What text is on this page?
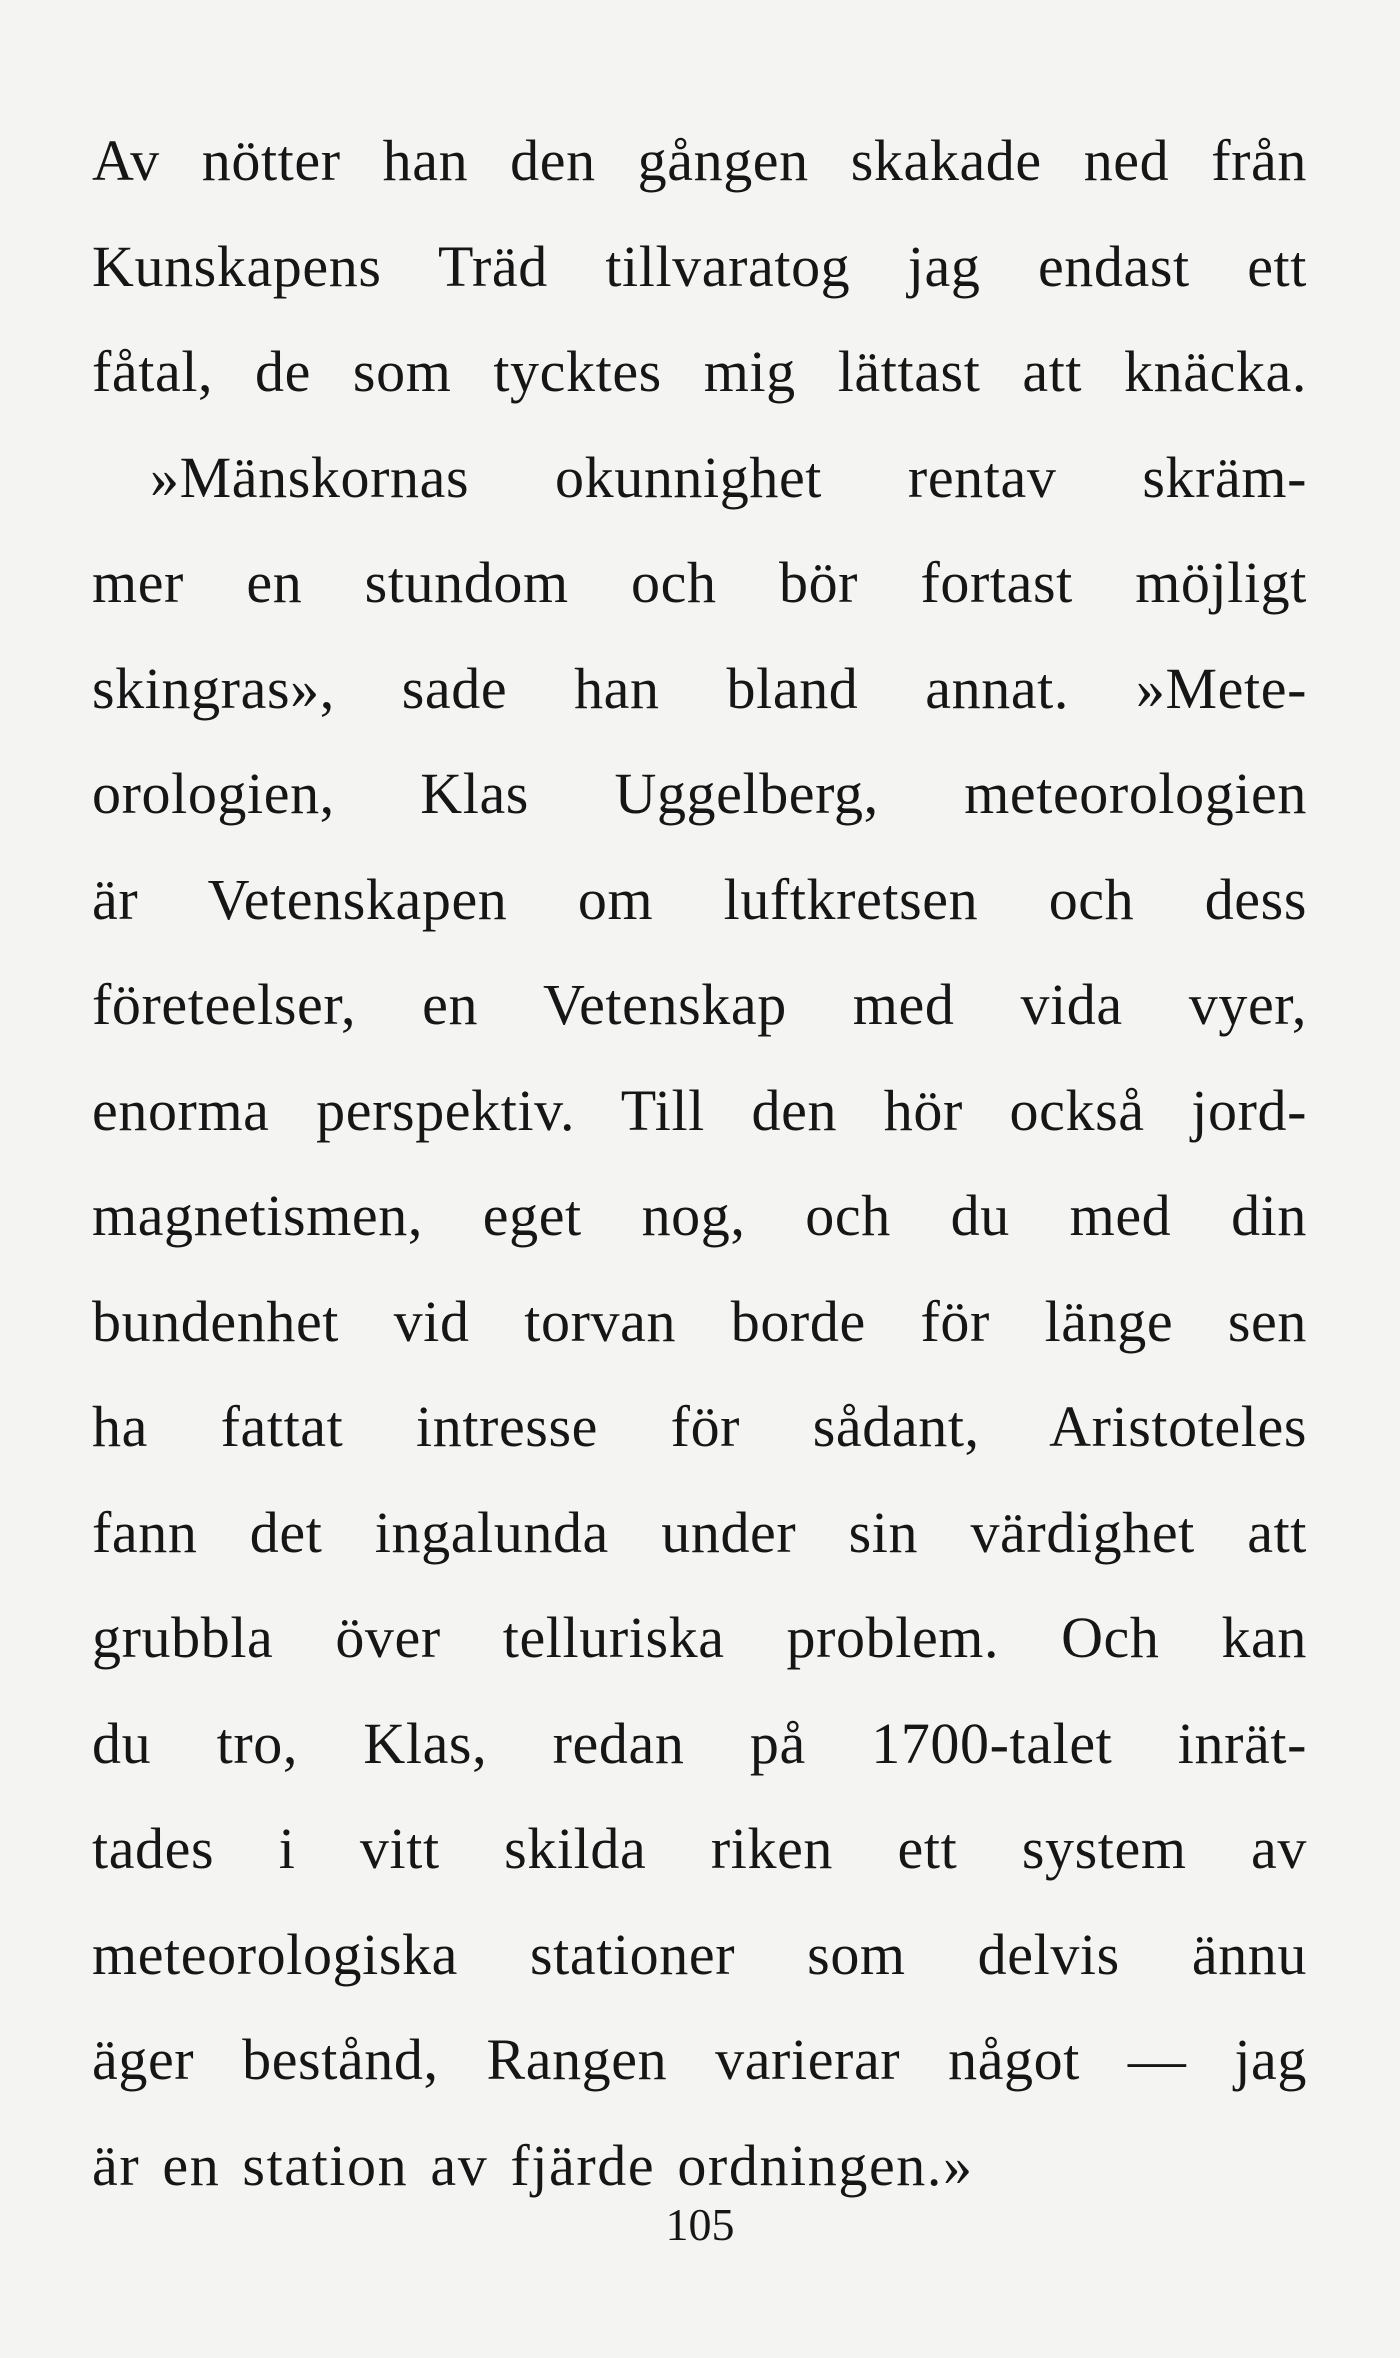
Av nötter han den gången skakade ned från
Kunskapens Träd tillvaratog jag endast ett
fåtal, de som tycktes mig lättast att knäcka.
»Mänskornas okunnighet rentav skräm-
mer en stundom och bör fortast möjligt
skingras», sade han bland annat. »Mete-
orologien, Klas Uggelberg, meteorologien
är Vetenskapen om luftkretsen och dess
företeelser, en Vetenskap med vida vyer,
enorma perspektiv. Till den hör också jord-
magnetismen, eget nog, och du med din
bundenhet vid torvan borde för länge sen
ha fattat intresse för sådant, Aristoteles
fann det ingalunda under sin värdighet att
grubbla över telluriska problem. Och kan
du tro, Klas, redan på 1700-talet inrät-
tades i vitt skilda riken ett system av
meteorologiska stationer som delvis ännu
äger bestånd, Rangen varierar något — jag
är en station av fjärde ordningen.»
105
